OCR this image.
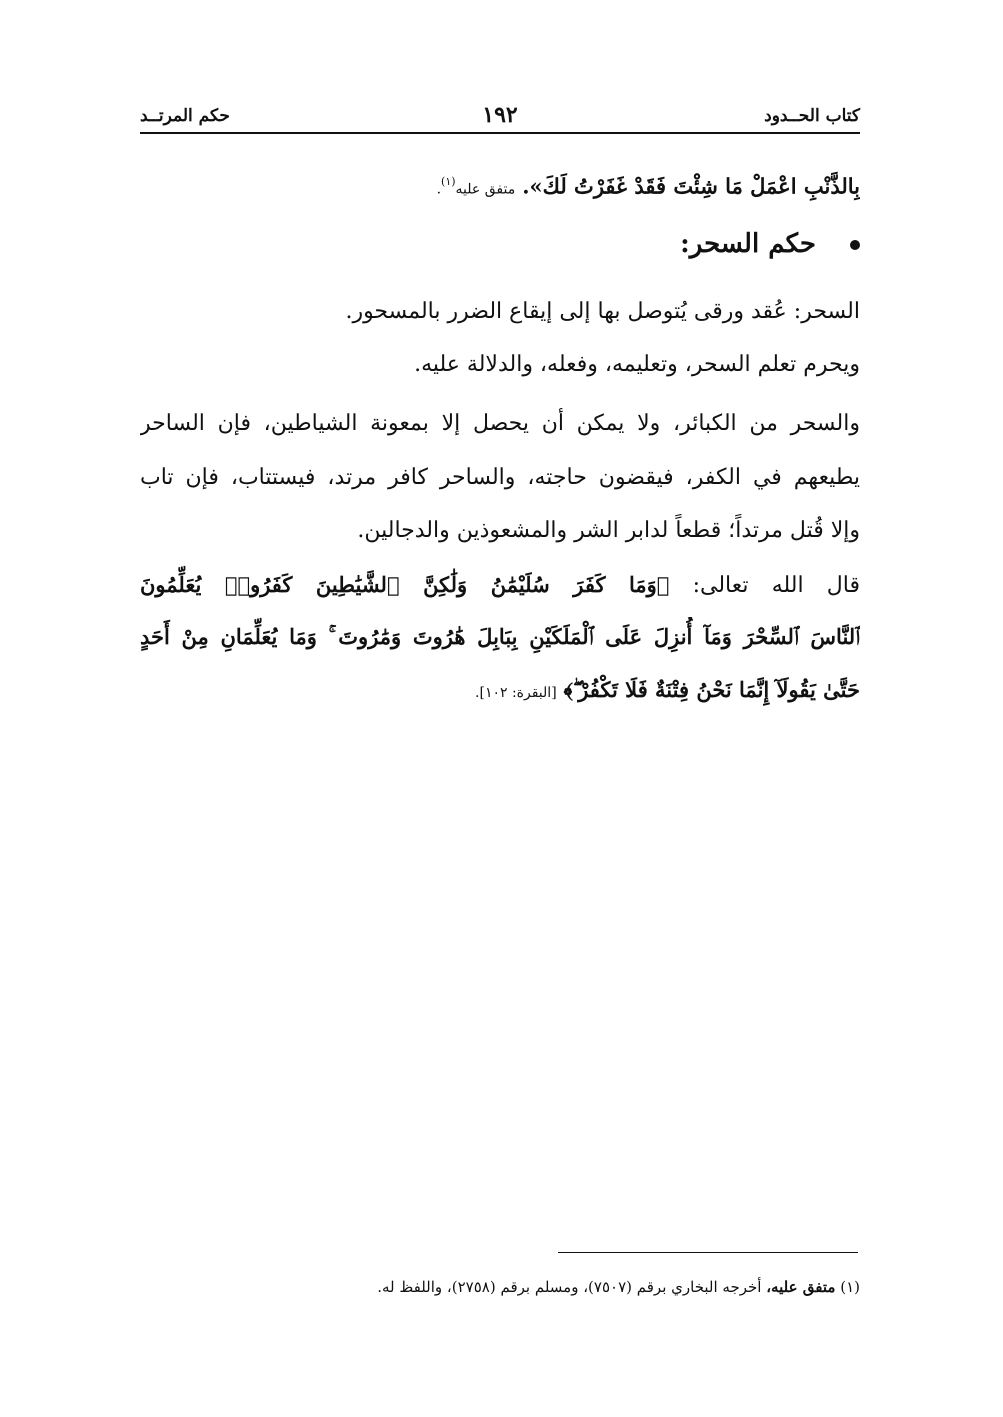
كتاب الحــدود
١٩٢
حكم المرتــد
بِالذَّنْبِ اعْمَلْ مَا شِئْتَ فَقَدْ غَفَرْتُ لَكَ». متفق عليه$^{(١)}$.
حكم السحر:
السحر: عُقد ورقى يُتوصل بها إلى إيقاع الضرر بالمسحور.
ويحرم تعلم السحر، وتعليمه، وفعله، والدلالة عليه.
والسحر من الكبائر، ولا يمكن أن يحصل إلا بمعونة الشياطين، فإن الساحر
يطيعهم في الكفر، فيقضون حاجته، والساحر كافر مرتد، فيستتاب، فإن تاب
وإلا قُتل مرتداً؛ قطعاً لدابر الشر والمشعوذين والدجالين.
قال الله تعالى: ﴿وَمَا كَفَرَ سُلَيْمَٰنُ وَلَٰكِنَّ ٱلشَّيَٰطِينَ كَفَرُوا۟ يُعَلِّمُونَ
ٱلنَّاسَ ٱلسِّحْرَ وَمَآ أُنزِلَ عَلَى ٱلْمَلَكَيْنِ بِبَابِلَ هَٰرُوتَ وَمَٰرُوتَ ۚ وَمَا يُعَلِّمَانِ مِنْ أَحَدٍ
حَتَّىٰ يَقُولَآ إِنَّمَا نَحْنُ فِتْنَةٌ فَلَا تَكْفُرْ ۖ﴾ [البقرة: ١٠٢].
(١) متفق عليه، أخرجه البخاري برقم (٧٥٠٧)، ومسلم برقم (٢٧٥٨)، واللفظ له.
